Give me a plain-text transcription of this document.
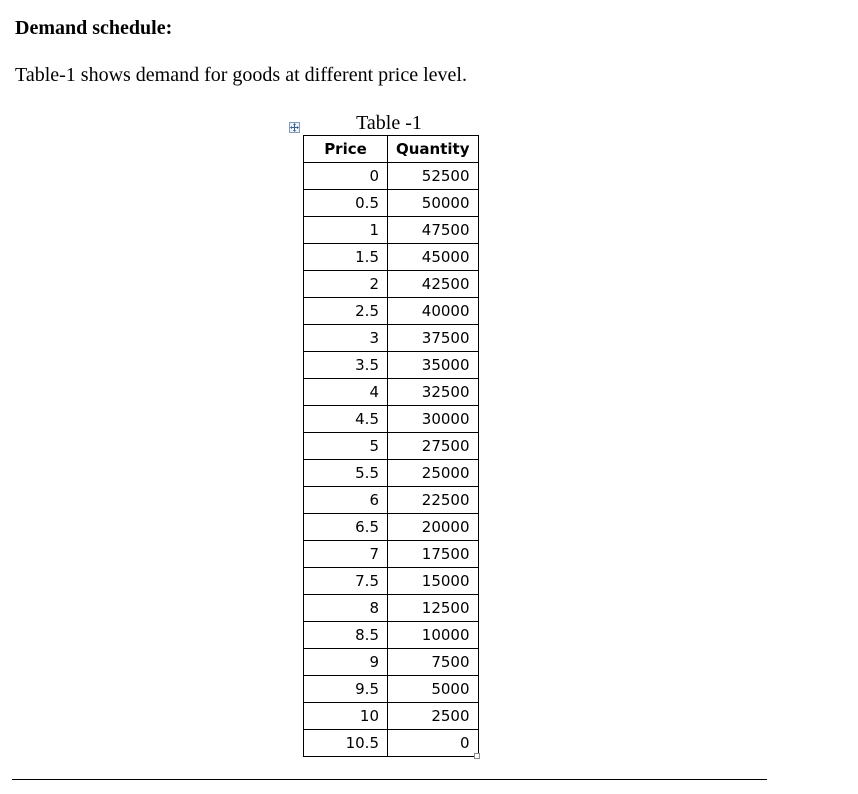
Demand schedule:
Table-1 shows demand for goods at different price level.
Table -1
Price	Quantity
0	52500
0.5	50000
1	47500
1.5	45000
2	42500
2.5	40000
3	37500
3.5	35000
4	32500
4.5	30000
5	27500
5.5	25000
6	22500
6.5	20000
7	17500
7.5	15000
8	12500
8.5	10000
9	7500
9.5	5000
10	2500
10.5	0
